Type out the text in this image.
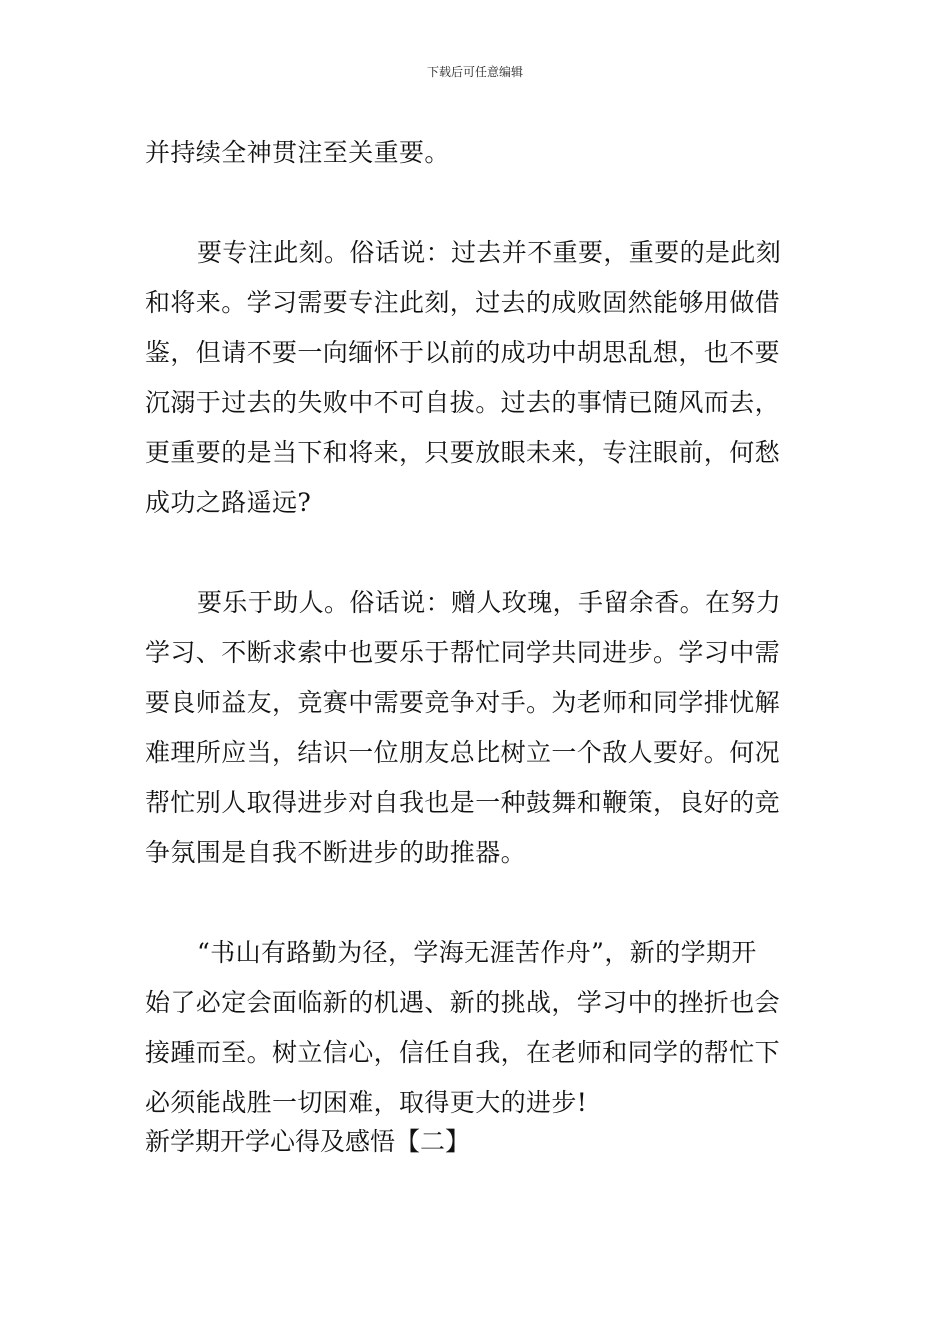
下载后可任意编辑
并持续全神贯注至关重要。
要专注此刻。俗话说：过去并不重要，重要的是此刻
和将来。学习需要专注此刻，过去的成败固然能够用做借
鉴，但请不要一向缅怀于以前的成功中胡思乱想，也不要
沉溺于过去的失败中不可自拔。过去的事情已随风而去，
更重要的是当下和将来，只要放眼未来，专注眼前，何愁
成功之路遥远?
要乐于助人。俗话说：赠人玫瑰，手留余香。在努力
学习、不断求索中也要乐于帮忙同学共同进步。学习中需
要良师益友，竞赛中需要竞争对手。为老师和同学排忧解
难理所应当，结识一位朋友总比树立一个敌人要好。何况
帮忙别人取得进步对自我也是一种鼓舞和鞭策，良好的竞
争氛围是自我不断进步的助推器。
“书山有路勤为径，学海无涯苦作舟”，新的学期开
始了必定会面临新的机遇、新的挑战，学习中的挫折也会
接踵而至。树立信心，信任自我，在老师和同学的帮忙下
必须能战胜一切困难，取得更大的进步!
新学期开学心得及感悟【二】
